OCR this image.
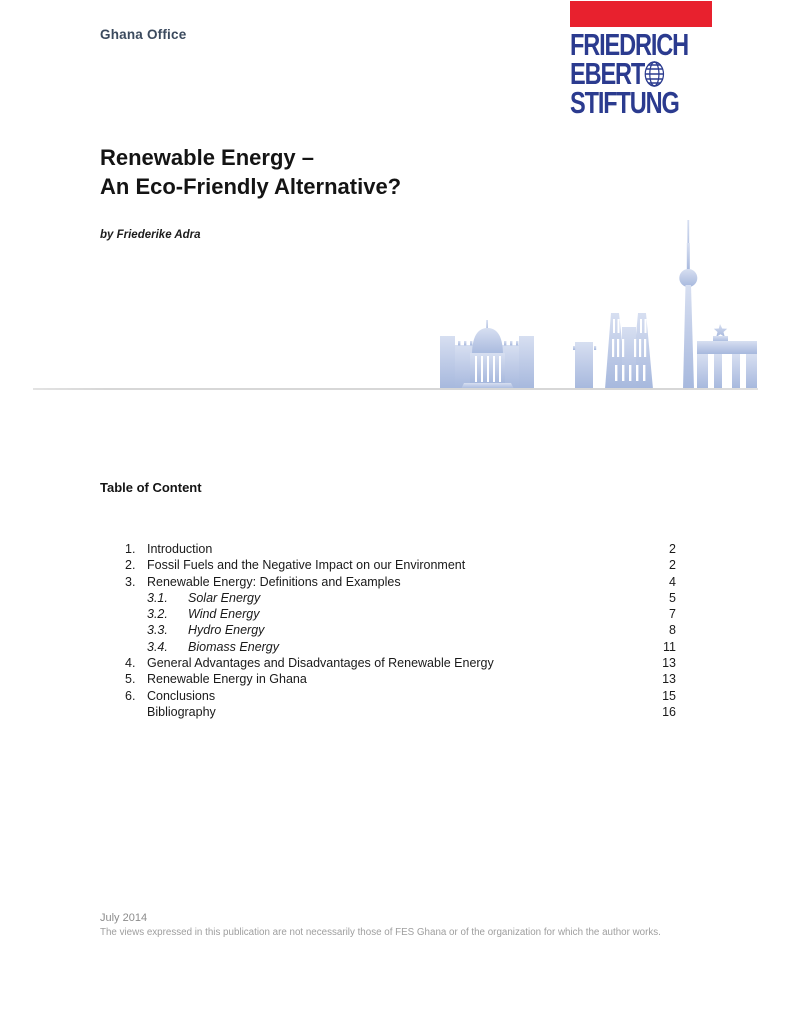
Ghana Office	FRIEDRICH
EBERT
STIFTUNG
Renewable Energy –
An Eco-Friendly Alternative?
by Friederike Adra
Table of Content
1. Introduction	2
2. Fossil Fuels and the Negative Impact on our Environment	2
3. Renewable Energy: Definitions and Examples	4
3.1.	Solar Energy	5
3.2.	Wind Energy	7
3.3.	Hydro Energy	8
3.4.	Biomass Energy	11
4. General Advantages and Disadvantages of Renewable Energy	13
5. Renewable Energy in Ghana	13
6. Conclusions	15
Bibliography	16
July 2014
The views expressed in this publication are not necessarily those of FES Ghana or of the organization for which the author works.
